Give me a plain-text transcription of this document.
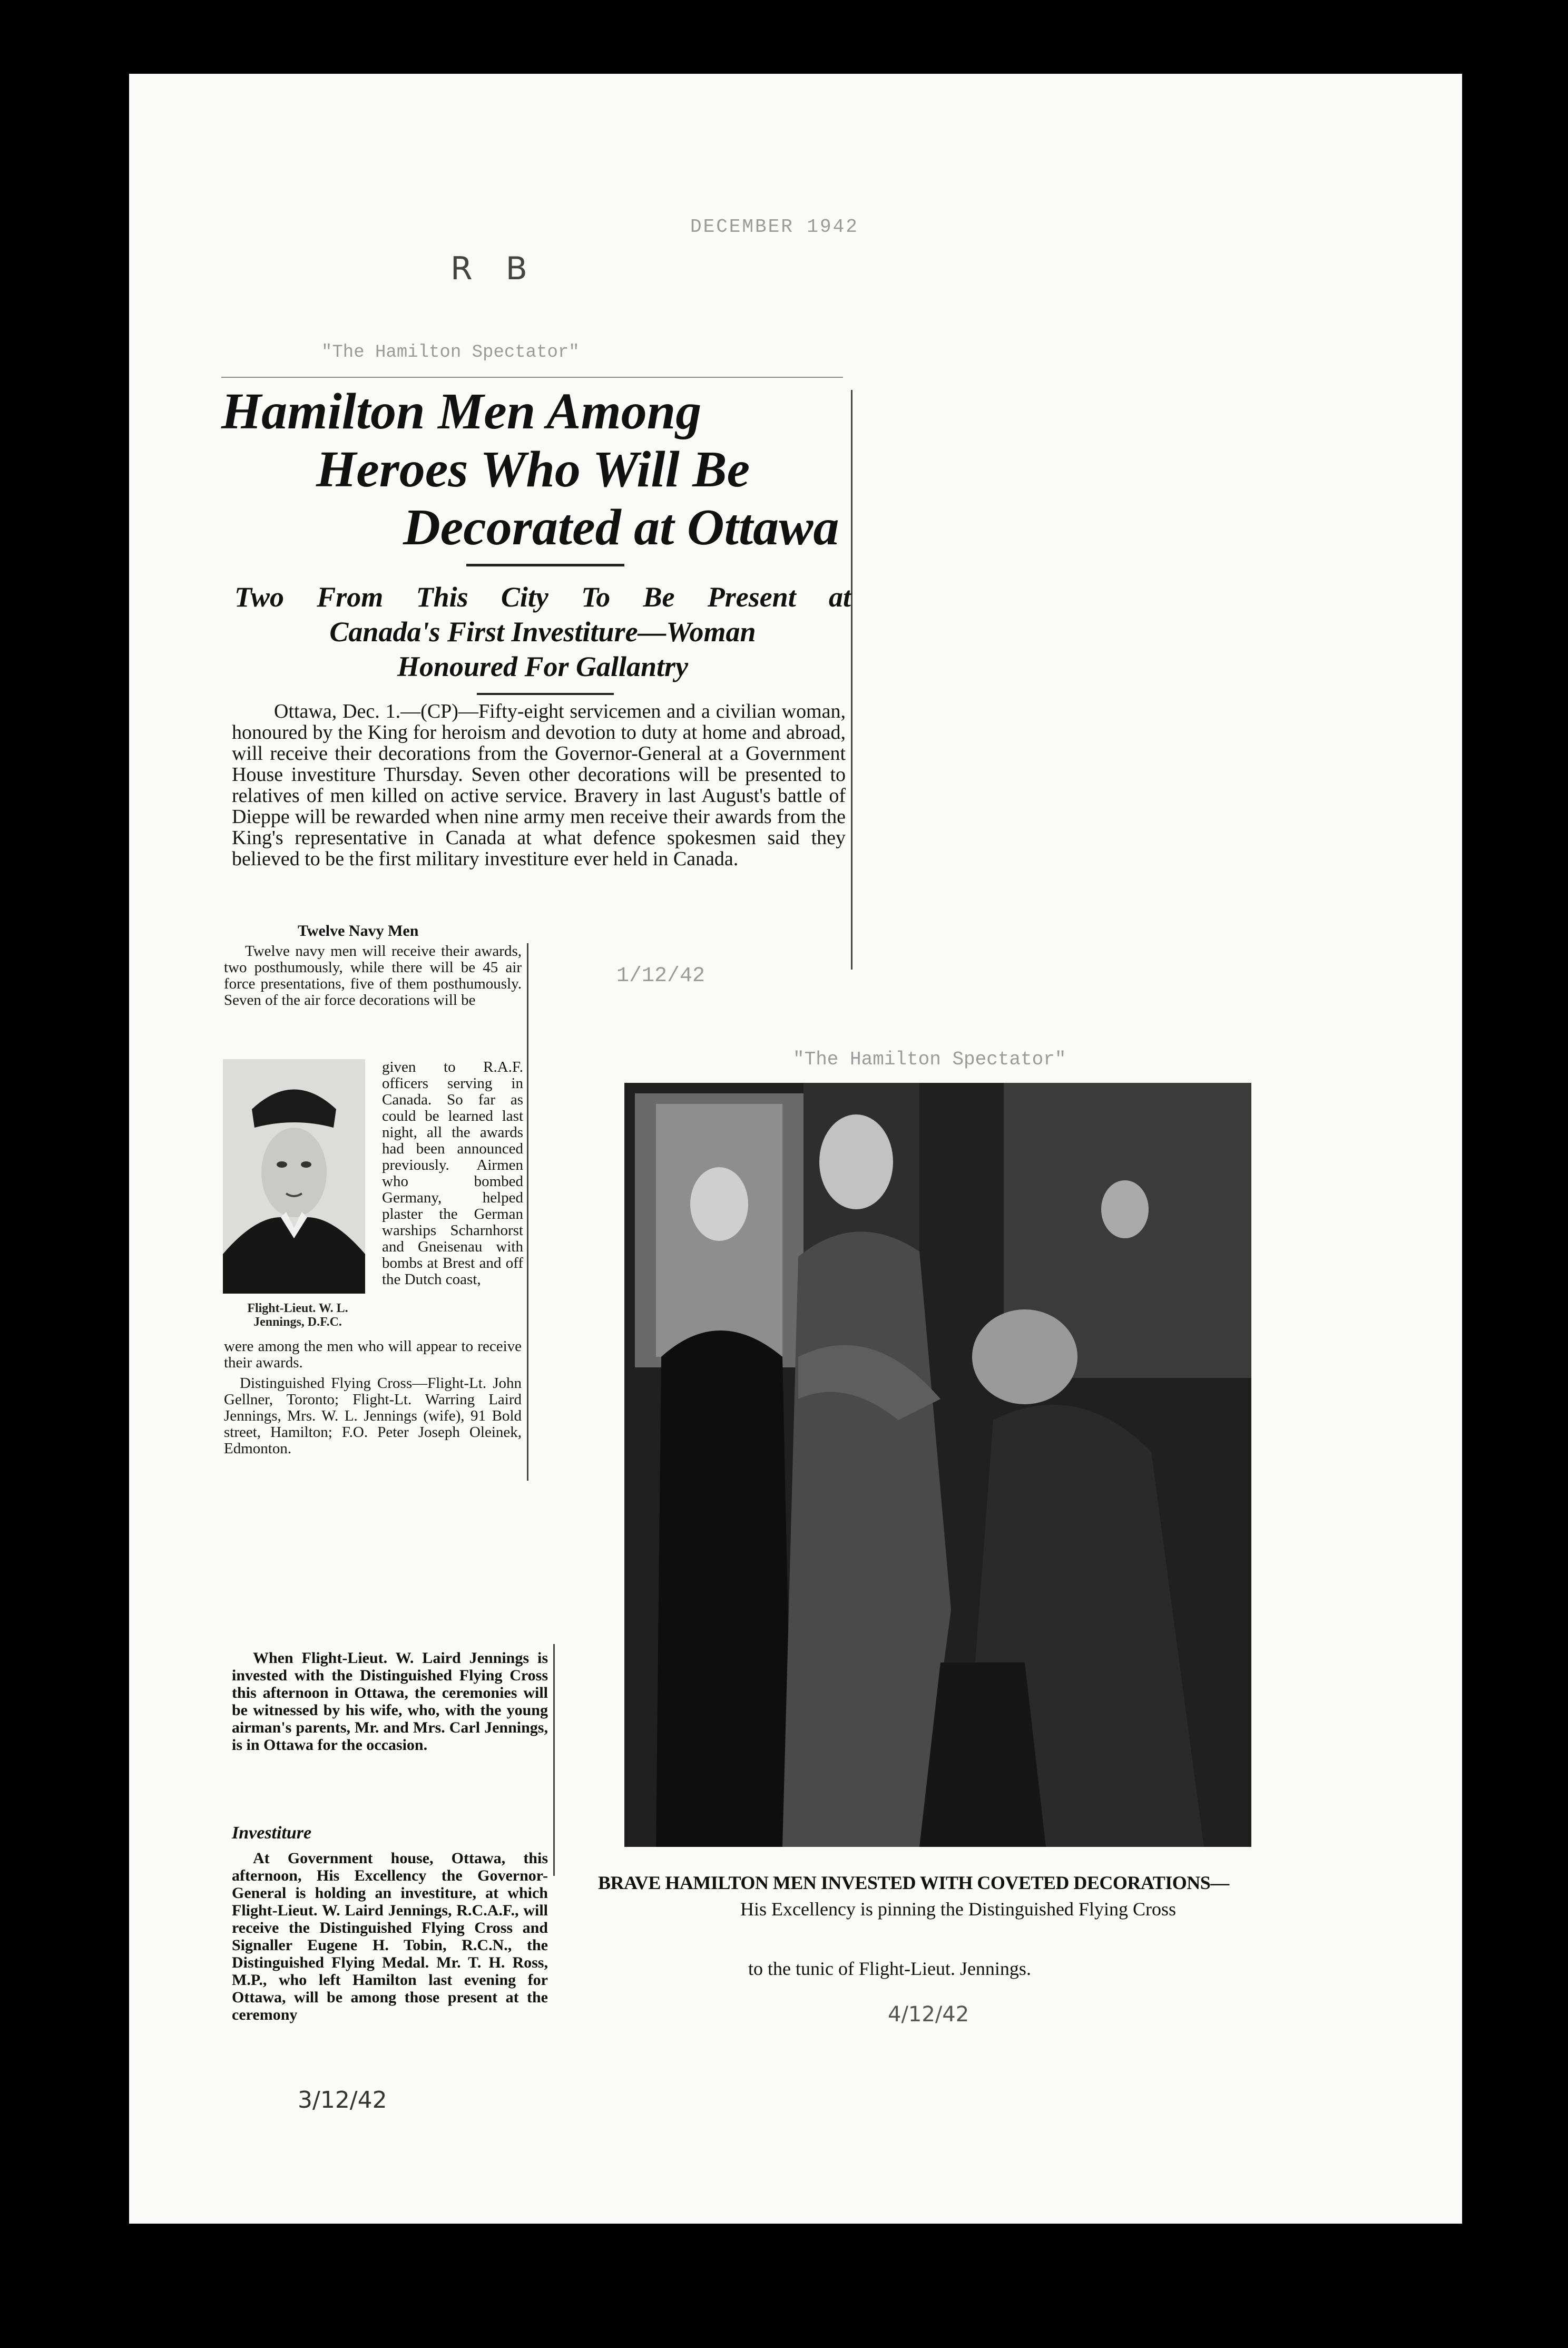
DECEMBER 1942
R B
"The Hamilton Spectator"
Hamilton Men Among
Heroes Who Will Be
Decorated at Ottawa
Two From This City To Be Present at
Canada's First Investiture—Woman
Honoured For Gallantry
Ottawa, Dec. 1.—(CP)—Fifty-eight servicemen and a civilian woman, honoured by the King for heroism and devotion to duty at home and abroad, will receive their decorations from the Governor-General at a Government House investiture Thursday. Seven other decorations will be presented to relatives of men killed on active service. Bravery in last August's battle of Dieppe will be rewarded when nine army men receive their awards from the King's representative in Canada at what defence spokesmen said they believed to be the first military investiture ever held in Canada.
Twelve Navy Men
Twelve navy men will receive their awards, two posthumously, while there will be 45 air force presentations, five of them posthumously. Seven of the air force decorations will be
Flight-Lieut. W. L.
Jennings, D.F.C.
given to R.A.F. officers serving in Canada. So far as could be learned last night, all the awards had been announced previously. Airmen who bombed Germany, helped plaster the German warships Scharnhorst and Gneisenau with bombs at Brest and off the Dutch coast,
were among the men who will appear to receive their awards.
Distinguished Flying Cross—Flight-Lt. John Gellner, Toronto; Flight-Lt. Warring Laird Jennings, Mrs. W. L. Jennings (wife), 91 Bold street, Hamilton; F.O. Peter Joseph Oleinek, Edmonton.
When Flight-Lieut. W. Laird Jennings is invested with the Distinguished Flying Cross this afternoon in Ottawa, the ceremonies will be witnessed by his wife, who, with the young airman's parents, Mr. and Mrs. Carl Jennings, is in Ottawa for the occasion.
Investiture
At Government house, Ottawa, this afternoon, His Excellency the Governor-General is holding an investiture, at which Flight-Lieut. W. Laird Jennings, R.C.A.F., will receive the Distinguished Flying Cross and Signaller Eugene H. Tobin, R.C.N., the Distinguished Flying Medal. Mr. T. H. Ross, M.P., who left Hamilton last evening for Ottawa, will be among those present at the ceremony
3/12/42
1/12/42
"The Hamilton Spectator"
BRAVE HAMILTON MEN INVESTED WITH COVETED DECORATIONS—
His Excellency is pinning the Distinguished Flying Cross
to the tunic of Flight-Lieut. Jennings.
4/12/42
